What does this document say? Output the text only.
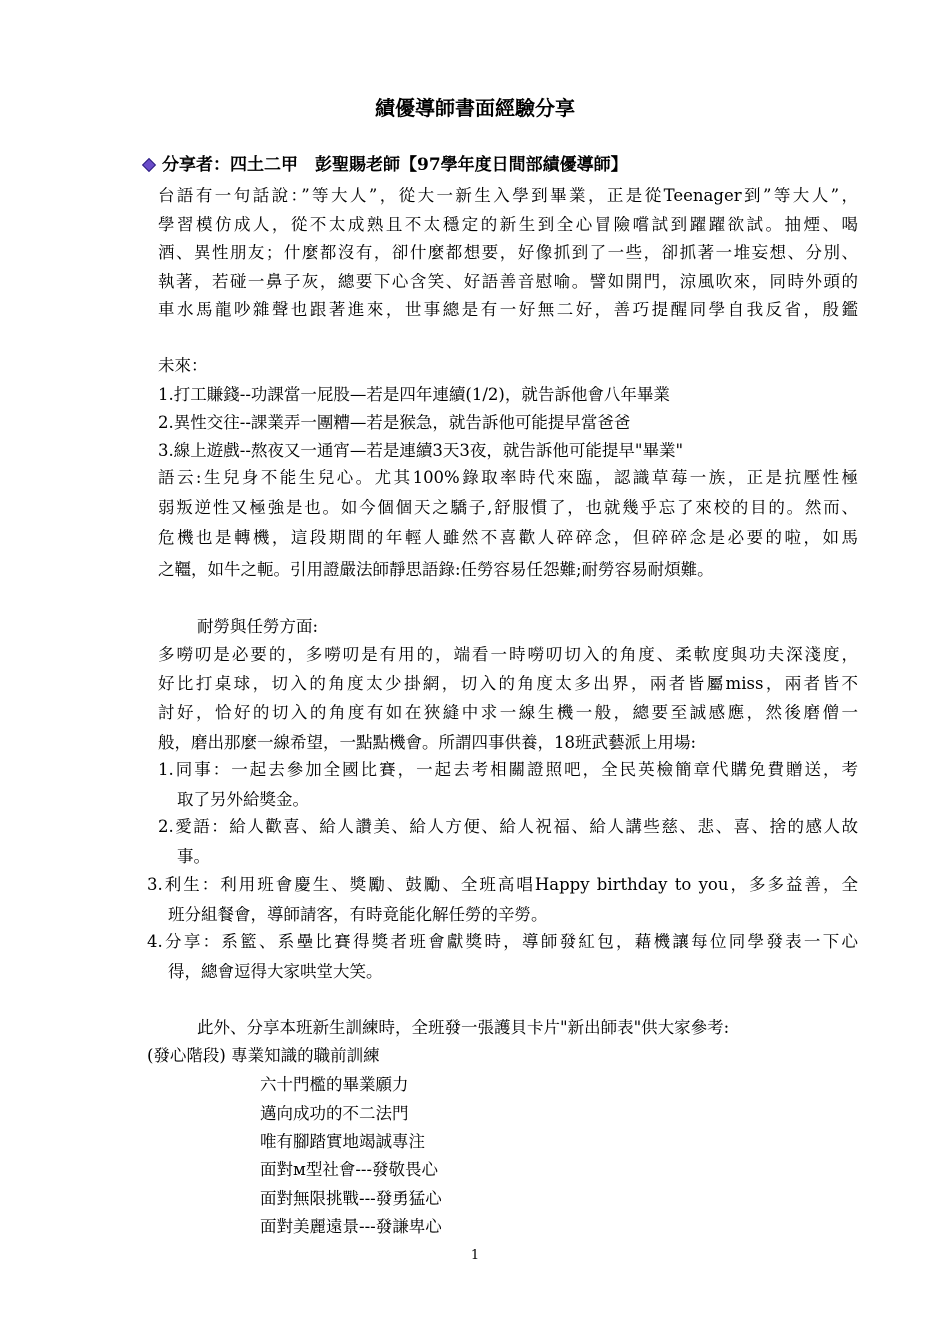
績優導師書面經驗分享
分享者：四土二甲　彭聖賜老師【97學年度日間部績優導師】
台語有一句話說：”等大人”，從大一新生入學到畢業，正是從Teenager到”等大人”，
學習模仿成人，從不太成熟且不太穩定的新生到全心冒險嚐試到躍躍欲試。抽煙、喝
酒、異性朋友；什麼都沒有，卻什麼都想要，好像抓到了一些，卻抓著一堆妄想、分別、
執著，若碰一鼻子灰，總要下心含笑、好語善音慰喻。譬如開門，涼風吹來，同時外頭的
車水馬龍吵雜聲也跟著進來，世事總是有一好無二好，善巧提醒同學自我反省，殷鑑
未來：
1.打工賺錢--功課當一屁股—若是四年連續(1/2)，就告訴他會八年畢業
2.異性交往--課業弄一團糟—若是猴急，就告訴他可能提早當爸爸
3.線上遊戲--熬夜又一通宵—若是連續3天3夜，就告訴他可能提早"畢業"
語云:生兒身不能生兒心。尤其100%錄取率時代來臨，認識草莓一族，正是抗壓性極
弱叛逆性又極強是也。如今個個天之驕子,舒服慣了，也就幾乎忘了來校的目的。然而、
危機也是轉機，這段期間的年輕人雖然不喜歡人碎碎念，但碎碎念是必要的啦，如馬
之韁，如牛之軛。引用證嚴法師靜思語錄:任勞容易任怨難;耐勞容易耐煩難。
耐勞與任勞方面:
多嘮叨是必要的，多嘮叨是有用的，端看一時嘮叨切入的角度、柔軟度與功夫深淺度，
好比打桌球，切入的角度太少掛網，切入的角度太多出界，兩者皆屬miss，兩者皆不
討好，恰好的切入的角度有如在狹縫中求一線生機一般，總要至誠感應，然後磨僧一
般，磨出那麼一線希望，一點點機會。所謂四事供養，18班武藝派上用場:
1.同事：一起去參加全國比賽，一起去考相關證照吧，全民英檢簡章代購免費贈送，考
取了另外給獎金。
2.愛語：給人歡喜、給人讚美、給人方便、給人祝福、給人講些慈、悲、喜、捨的感人故
事。
3.利生：利用班會慶生、獎勵、鼓勵、全班高唱Happy birthday to you，多多益善，全
班分組餐會，導師請客，有時竟能化解任勞的辛勞。
4.分享：系籃、系壘比賽得獎者班會獻獎時，導師發紅包，藉機讓每位同學發表一下心
得，總會逗得大家哄堂大笑。
此外、分享本班新生訓練時，全班發一張護貝卡片"新出師表"供大家參考:
(發心階段) 專業知識的職前訓練
六十門檻的畢業願力
邁向成功的不二法門
唯有腳踏實地竭誠專注
面對ᴍ型社會---發敬畏心
面對無限挑戰---發勇猛心
面對美麗遠景---發謙卑心
1
